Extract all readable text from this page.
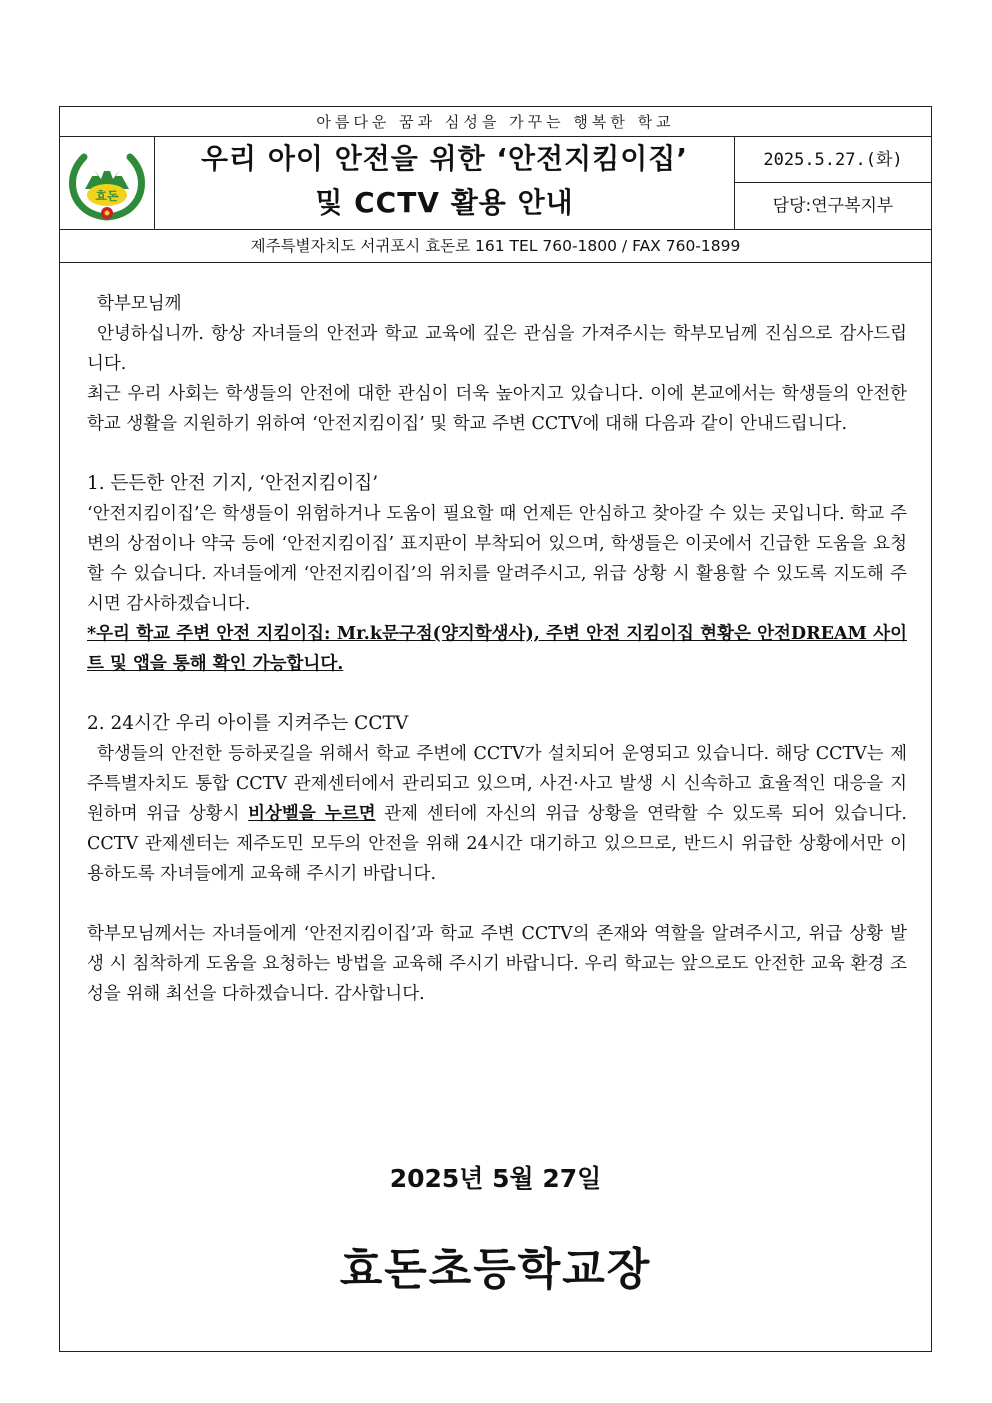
아름다운 꿈과 심성을 가꾸는 행복한 학교
효돈
우리 아이 안전을 위한 ‘안전지킴이집’
및 CCTV 활용 안내
2025.5.27.(화)
담당:연구복지부
제주특별자치도 서귀포시 효돈로 161 TEL 760-1800 / FAX 760-1899

학부모님께

안녕하십니까. 항상 자녀들의 안전과 학교 교육에 깊은 관심을 가져주시는 학부모님께 진심으로 감사드립니다.

최근 우리 사회는 학생들의 안전에 대한 관심이 더욱 높아지고 있습니다. 이에 본교에서는 학생들의 안전한 학교 생활을 지원하기 위하여 ‘안전지킴이집’ 및 학교 주변 CCTV에 대해 다음과 같이 안내드립니다.

1. 든든한 안전 기지, ‘안전지킴이집’

‘안전지킴이집’은 학생들이 위험하거나 도움이 필요할 때 언제든 안심하고 찾아갈 수 있는 곳입니다. 학교 주변의 상점이나 약국 등에 ‘안전지킴이집’ 표지판이 부착되어 있으며, 학생들은 이곳에서 긴급한 도움을 요청할 수 있습니다. 자녀들에게 ‘안전지킴이집’의 위치를 알려주시고, 위급 상황 시 활용할 수 있도록 지도해 주시면 감사하겠습니다.

*우리 학교 주변 안전 지킴이집: Mr.k문구점(양지학생사), 주변 안전 지킴이집 현황은 안전DREAM 사이트 및 앱을 통해 확인 가능합니다.

2. 24시간 우리 아이를 지켜주는 CCTV

학생들의 안전한 등하굣길을 위해서 학교 주변에 CCTV가 설치되어 운영되고 있습니다. 해당 CCTV는 제주특별자치도 통합 CCTV 관제센터에서 관리되고 있으며, 사건·사고 발생 시 신속하고 효율적인 대응을 지원하며 위급 상황시 비상벨을 누르면 관제 센터에 자신의 위급 상황을 연락할 수 있도록 되어 있습니다. CCTV 관제센터는 제주도민 모두의 안전을 위해 24시간 대기하고 있으므로, 반드시 위급한 상황에서만 이용하도록 자녀들에게 교육해 주시기 바랍니다.

학부모님께서는 자녀들에게 ‘안전지킴이집’과 학교 주변 CCTV의 존재와 역할을 알려주시고, 위급 상황 발생 시 침착하게 도움을 요청하는 방법을 교육해 주시기 바랍니다. 우리 학교는 앞으로도 안전한 교육 환경 조성을 위해 최선을 다하겠습니다. 감사합니다.

2025년 5월 27일
효돈초등학교장
